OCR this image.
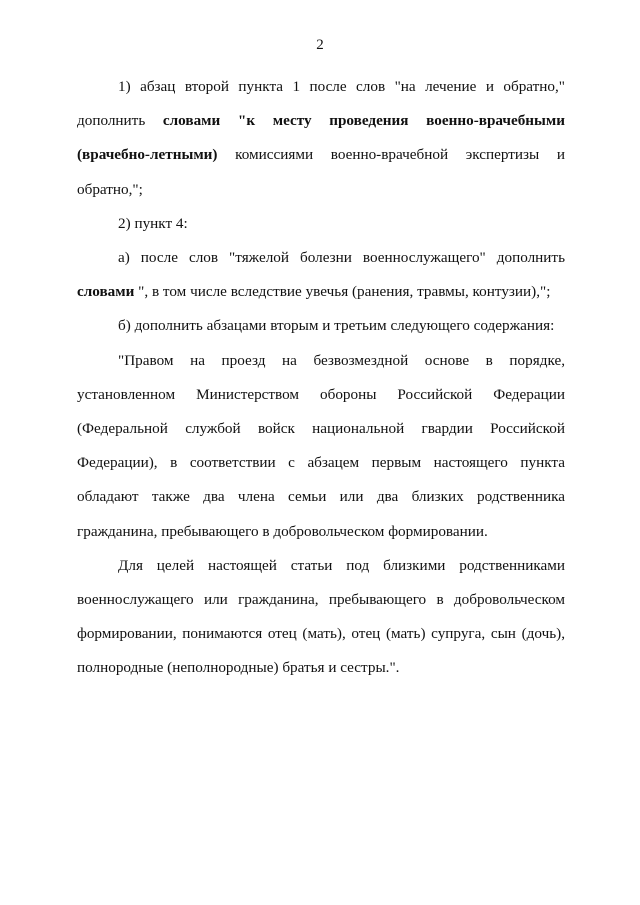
2

1) абзац второй пункта 1 после слов "на лечение и обратно," дополнить словами "к месту проведения военно-врачебными (врачебно-летными) комиссиями военно-врачебной экспертизы и обратно,";

2) пункт 4:

а) после слов "тяжелой болезни военнослужащего" дополнить словами ", в том числе вследствие увечья (ранения, травмы, контузии),";

б) дополнить абзацами вторым и третьим следующего содержания:

"Правом на проезд на безвозмездной основе в порядке, установленном Министерством обороны Российской Федерации (Федеральной службой войск национальной гвардии Российской Федерации), в соответствии с абзацем первым настоящего пункта обладают также два члена семьи или два близких родственника гражданина, пребывающего в добровольческом формировании.

Для целей настоящей статьи под близкими родственниками военнослужащего или гражданина, пребывающего в добровольческом формировании, понимаются отец (мать), отец (мать) супруга, сын (дочь), полнородные (неполнородные) братья и сестры.".
